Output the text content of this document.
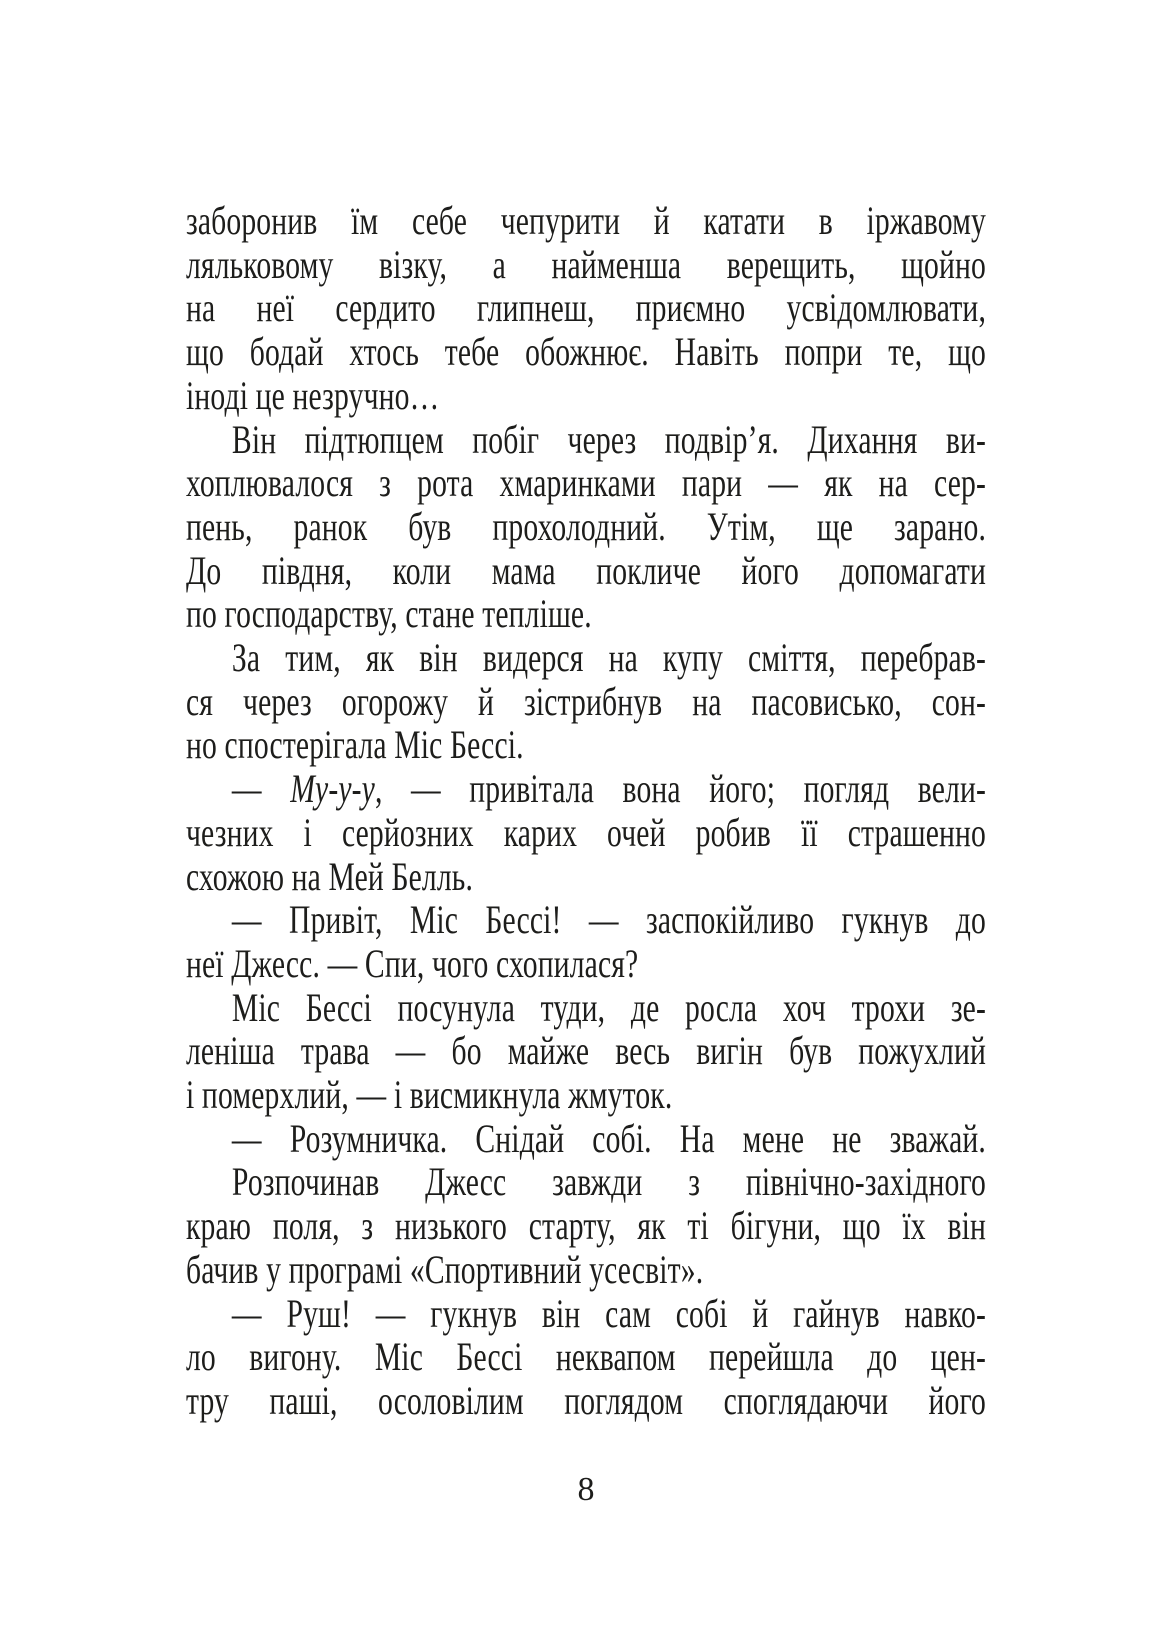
заборонив їм себе чепурити й катати в іржавому
ляльковому візку, а найменша верещить, щойно
на неї сердито глипнеш, приємно усвідомлювати,
що бодай хтось тебе обожнює. Навіть попри те, що
іноді це незручно…
Він підтюпцем побіг через подвір’я. Дихання ви-
хоплювалося з рота хмаринками пари — як на сер-
пень, ранок був прохолодний. Утім, ще зарано.
До півдня, коли мама покличе його допомагати
по господарству, стане тепліше.
За тим, як він видерся на купу сміття, перебрав-
ся через огорожу й зістрибнув на пасовисько, сон-
но спостерігала Міс Бессі.
— Му-у-у, — привітала вона його; погляд вели-
чезних і серйозних карих очей робив її страшенно
схожою на Мей Белль.
— Привіт, Міс Бессі! — заспокійливо гукнув до
неї Джесс. — Спи, чого схопилася?
Міс Бессі посунула туди, де росла хоч трохи зе-
леніша трава — бо майже весь вигін був пожухлий
і померхлий, — і висмикнула жмуток.
— Розумничка. Снідай собі. На мене не зважай.
Розпочинав Джесс завжди з північно-західного
краю поля, з низького старту, як ті бігуни, що їх він
бачив у програмі «Спортивний усесвіт».
— Руш! — гукнув він сам собі й гайнув навко-
ло вигону. Міс Бессі неквапом перейшла до цен-
тру паші, осоловілим поглядом споглядаючи його
8
